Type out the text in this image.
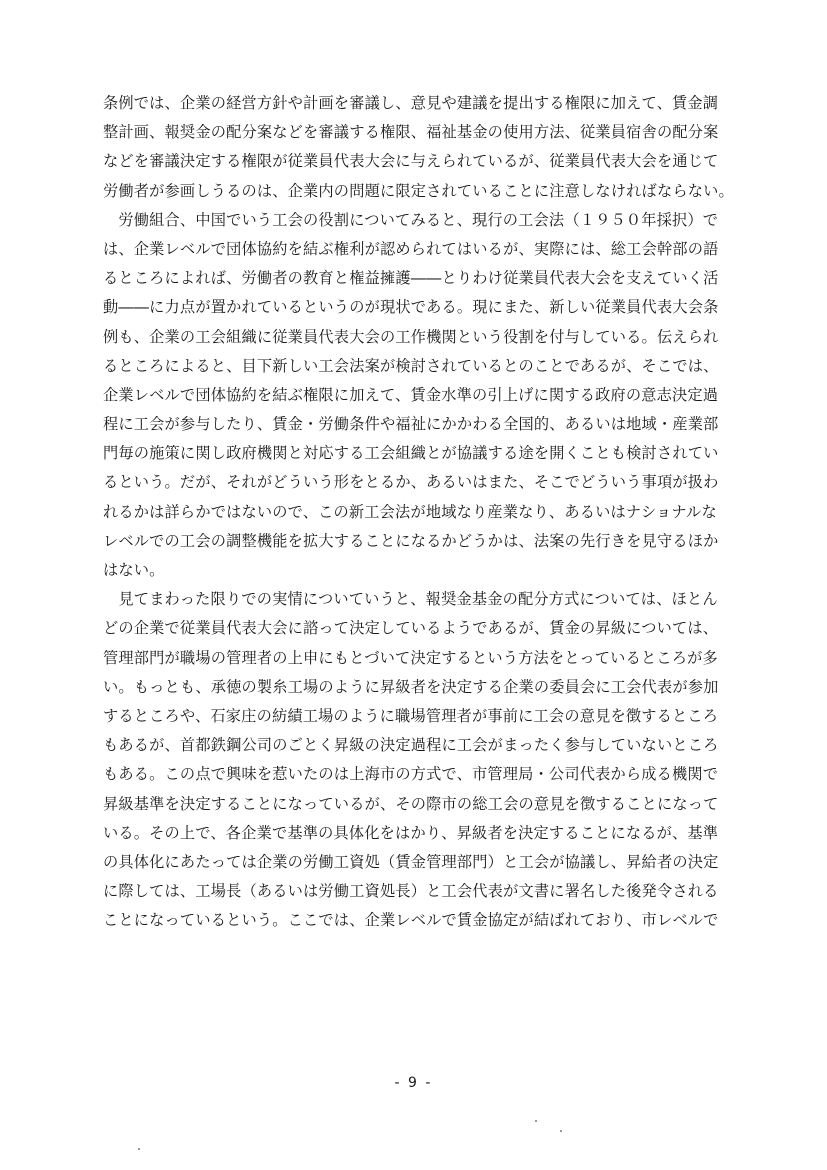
条例では、企業の経営方針や計画を審議し、意見や建議を提出する権限に加えて、賃金調
整計画、報奨金の配分案などを審議する権限、福祉基金の使用方法、従業員宿舎の配分案
などを審議決定する権限が従業員代表大会に与えられているが、従業員代表大会を通じて
労働者が参画しうるのは、企業内の問題に限定されていることに注意しなければならない。
　労働組合、中国でいう工会の役割についてみると、現行の工会法（１９５０年採択）で
は、企業レベルで団体協約を結ぶ権利が認められてはいるが、実際には、総工会幹部の語
るところによれば、労働者の教育と権益擁護――とりわけ従業員代表大会を支えていく活
動――に力点が置かれているというのが現状である。現にまた、新しい従業員代表大会条
例も、企業の工会組織に従業員代表大会の工作機関という役割を付与している。伝えられ
るところによると、目下新しい工会法案が検討されているとのことであるが、そこでは、
企業レベルで団体協約を結ぶ権限に加えて、賃金水準の引上げに関する政府の意志決定過
程に工会が参与したり、賃金・労働条件や福祉にかかわる全国的、あるいは地域・産業部
門毎の施策に関し政府機関と対応する工会組織とが協議する途を開くことも検討されてい
るという。だが、それがどういう形をとるか、あるいはまた、そこでどういう事項が扱わ
れるかは詳らかではないので、この新工会法が地域なり産業なり、あるいはナショナルな
レベルでの工会の調整機能を拡大することになるかどうかは、法案の先行きを見守るほか
はない。
　見てまわった限りでの実情についていうと、報奨金基金の配分方式については、ほとん
どの企業で従業員代表大会に諮って決定しているようであるが、賃金の昇級については、
管理部門が職場の管理者の上申にもとづいて決定するという方法をとっているところが多
い。もっとも、承徳の製糸工場のように昇級者を決定する企業の委員会に工会代表が参加
するところや、石家庄の紡績工場のように職場管理者が事前に工会の意見を徴するところ
もあるが、首都鉄鋼公司のごとく昇級の決定過程に工会がまったく参与していないところ
もある。この点で興味を惹いたのは上海市の方式で、市管理局・公司代表から成る機関で
昇級基準を決定することになっているが、その際市の総工会の意見を徴することになって
いる。その上で、各企業で基準の具体化をはかり、昇級者を決定することになるが、基準
の具体化にあたっては企業の労働工資処（賃金管理部門）と工会が協議し、昇給者の決定
に際しては、工場長（あるいは労働工資処長）と工会代表が文書に署名した後発令される
ことになっているという。ここでは、企業レベルで賃金協定が結ばれており、市レベルで
- 9 -
